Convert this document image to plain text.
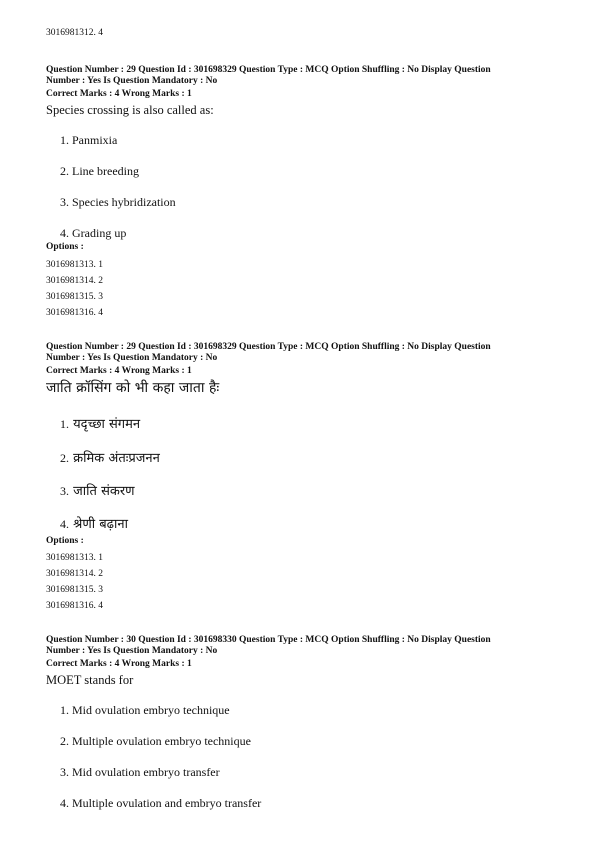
3016981312. 4
Question Number : 29 Question Id : 301698329 Question Type : MCQ Option Shuffling : No Display Question
Number : Yes Is Question Mandatory : No
Correct Marks : 4 Wrong Marks : 1
Species crossing is also called as:
1. Panmixia
2. Line breeding
3. Species hybridization
4. Grading up
Options :
3016981313. 1
3016981314. 2
3016981315. 3
3016981316. 4
Question Number : 29 Question Id : 301698329 Question Type : MCQ Option Shuffling : No Display Question
Number : Yes Is Question Mandatory : No
Correct Marks : 4 Wrong Marks : 1
जाति क्रॉसिंग को भी कहा जाता हैः
1. यदृच्छा संगमन
2. क्रमिक अंतःप्रजनन
3. जाति संकरण
4. श्रेणी बढ़ाना
Options :
3016981313. 1
3016981314. 2
3016981315. 3
3016981316. 4
Question Number : 30 Question Id : 301698330 Question Type : MCQ Option Shuffling : No Display Question
Number : Yes Is Question Mandatory : No
Correct Marks : 4 Wrong Marks : 1
MOET stands for
1. Mid ovulation embryo technique
2. Multiple ovulation embryo technique
3. Mid ovulation embryo transfer
4. Multiple ovulation and embryo transfer
